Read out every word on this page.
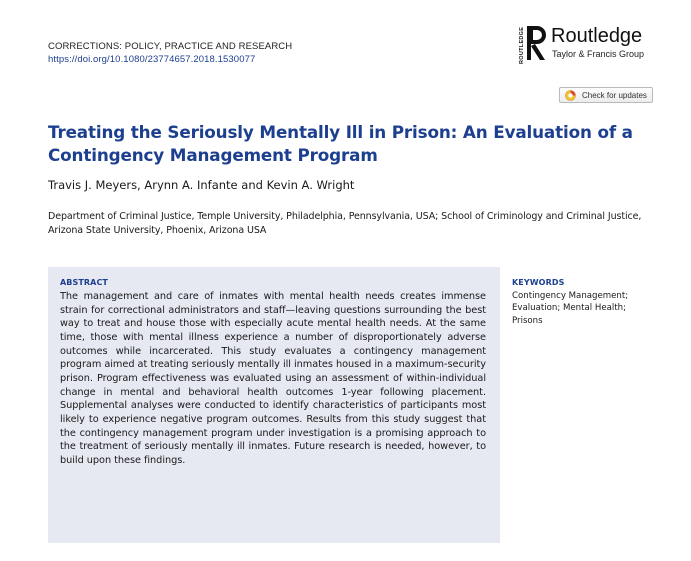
CORRECTIONS: POLICY, PRACTICE AND RESEARCH
https://doi.org/10.1080/23774657.2018.1530077	ROUTLEDGE Routledge
Taylor & Francis Group
Check for updates
Treating the Seriously Mentally Ill in Prison: An Evaluation of a Contingency Management Program
Travis J. Meyers, Arynn A. Infante and Kevin A. Wright
Department of Criminal Justice, Temple University, Philadelphia, Pennsylvania, USA; School of Criminology and Criminal Justice, Arizona State University, Phoenix, Arizona USA
ABSTRACT

The management and care of inmates with mental health needs creates immense strain for correctional administrators and staff—leaving questions surrounding the best way to treat and house those with especially acute mental health needs. At the same time, those with mental illness experience a number of disproportionately adverse outcomes while incarcerated. This study evaluates a contingency management program aimed at treating seriously mentally ill inmates housed in a maximum-security prison. Program effectiveness was evaluated using an assessment of within-individual change in mental and behavioral health outcomes 1-year following placement. Supplemental analyses were conducted to identify characteristics of participants most likely to experience negative program outcomes. Results from this study suggest that the contingency management program under investigation is a promising approach to the treatment of seriously mentally ill inmates. Future research is needed, however, to build upon these findings.

KEYWORDS
Contingency Management;
Evaluation; Mental Health;
Prisons
